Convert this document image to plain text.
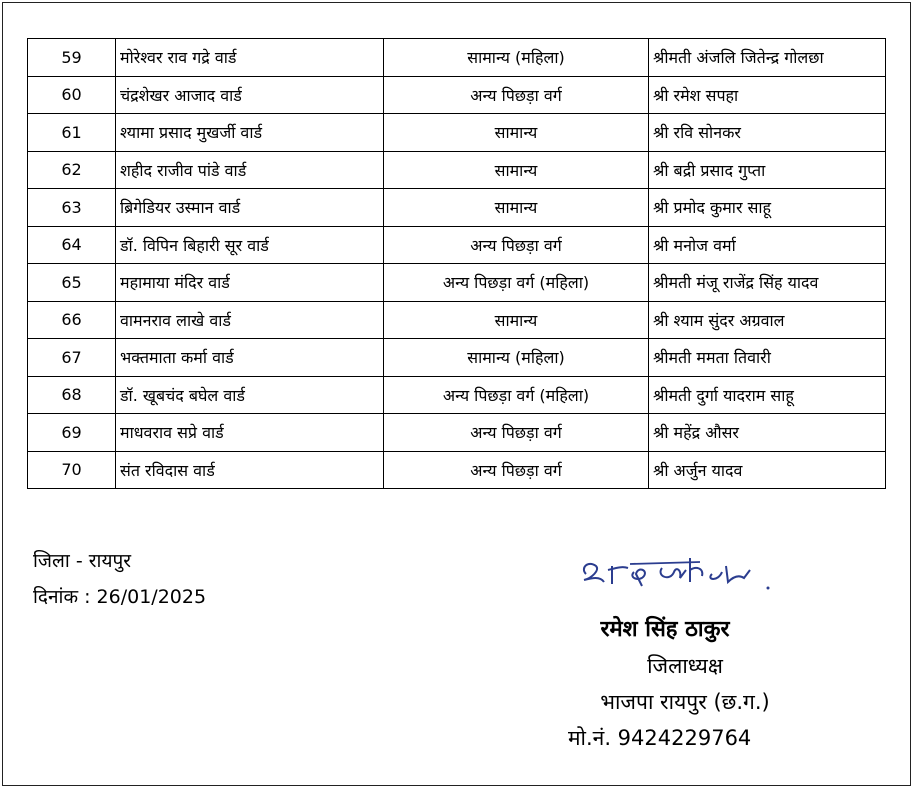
59	मोरेश्वर राव गद्रे वार्ड	सामान्य (महिला)	श्रीमती अंजलि जितेन्द्र गोलछा
60	चंद्रशेखर आजाद वार्ड	अन्य पिछड़ा वर्ग	श्री रमेश सपहा
61	श्यामा प्रसाद मुखर्जी वार्ड	सामान्य	श्री रवि सोनकर
62	शहीद राजीव पांडे वार्ड	सामान्य	श्री बद्री प्रसाद गुप्ता
63	ब्रिगेडियर उस्मान वार्ड	सामान्य	श्री प्रमोद कुमार साहू
64	डॉ. विपिन बिहारी सूर वार्ड	अन्य पिछड़ा वर्ग	श्री मनोज वर्मा
65	महामाया मंदिर वार्ड	अन्य पिछड़ा वर्ग (महिला)	श्रीमती मंजू राजेंद्र सिंह यादव
66	वामनराव लाखे वार्ड	सामान्य	श्री श्याम सुंदर अग्रवाल
67	भक्तमाता कर्मा वार्ड	सामान्य (महिला)	श्रीमती ममता तिवारी
68	डॉ. खूबचंद बघेल वार्ड	अन्य पिछड़ा वर्ग (महिला)	श्रीमती दुर्गा यादराम साहू
69	माधवराव सप्रे वार्ड	अन्य पिछड़ा वर्ग	श्री महेंद्र औसर
70	संत रविदास वार्ड	अन्य पिछड़ा वर्ग	श्री अर्जुन यादव
जिला - रायपुर
दिनांक : 26/01/2025
रमेश सिंह ठाकुर
जिलाध्यक्ष
भाजपा रायपुर (छ.ग.)
मो.नं. 9424229764
